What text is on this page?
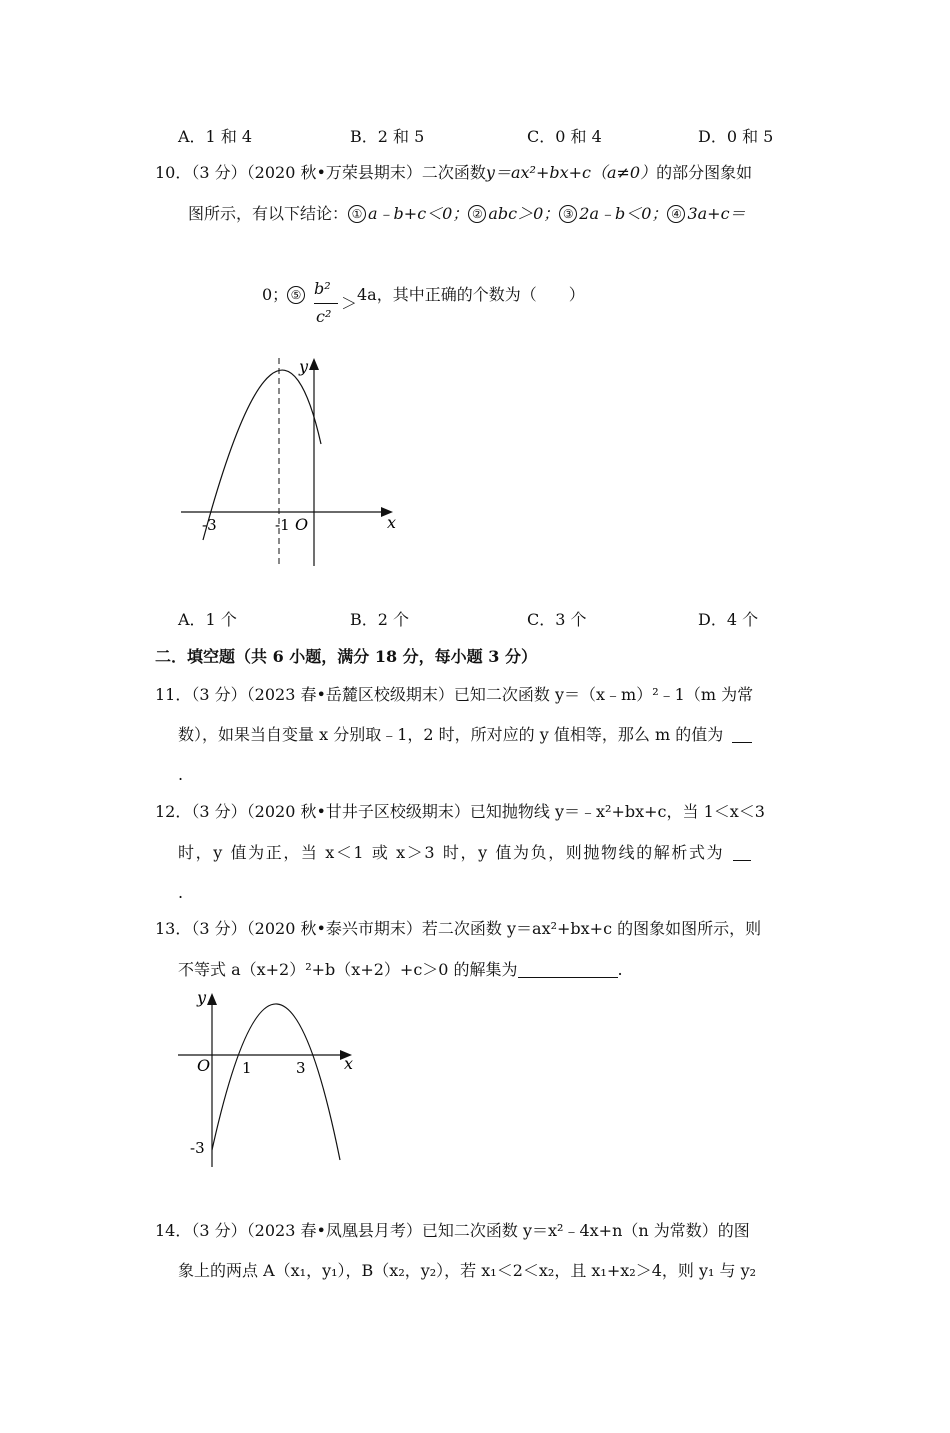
A．1 和 4	B．2 和 5	C．0 和 4	D．0 和 5
10．（3 分）（2020 秋•万荣县期末）二次函数y＝ax²+bx+c（a≠0）的部分图象如
图所示，有以下结论： ① a﹣b+c＜0； ② abc＞0； ③ 2a﹣b＜0； ④ 3a+c＝
0； ⑤ b²
c²
＞ 4a，其中正确的个数为（　　）
x
y
-3	-1 O
A．1 个	B．2 个	C．3 个	D．4 个
二．填空题（共 6 小题，满分 18 分，每小题 3 分）
11．（3 分）（2023 春•岳麓区校级期末）已知二次函数 y＝（x﹣m）²﹣1（m 为常
数），如果当自变量 x 分别取﹣1，2 时，所对应的 y 值相等，那么 m 的值为
.
12．（3 分）（2020 秋•甘井子区校级期末）已知抛物线 y＝﹣x²+bx+c，当 1＜x＜3
时，y 值为正，当 x＜1 或 x＞3 时，y 值为负，则抛物线的解析式为
.
13．（3 分）（2020 秋•泰兴市期末）若二次函数 y＝ax²+bx+c 的图象如图所示，则
不等式 a（x+2）²+b（x+2）+c＞0 的解集为	.
x
y
O 1	3
-3
14．（3 分）（2023 春•凤凰县月考）已知二次函数 y＝x²﹣4x+n（n 为常数）的图
象上的两点 A（x₁，y₁），B（x₂，y₂），若 x₁＜2＜x₂，且 x₁+x₂＞4，则 y₁ 与 y₂
